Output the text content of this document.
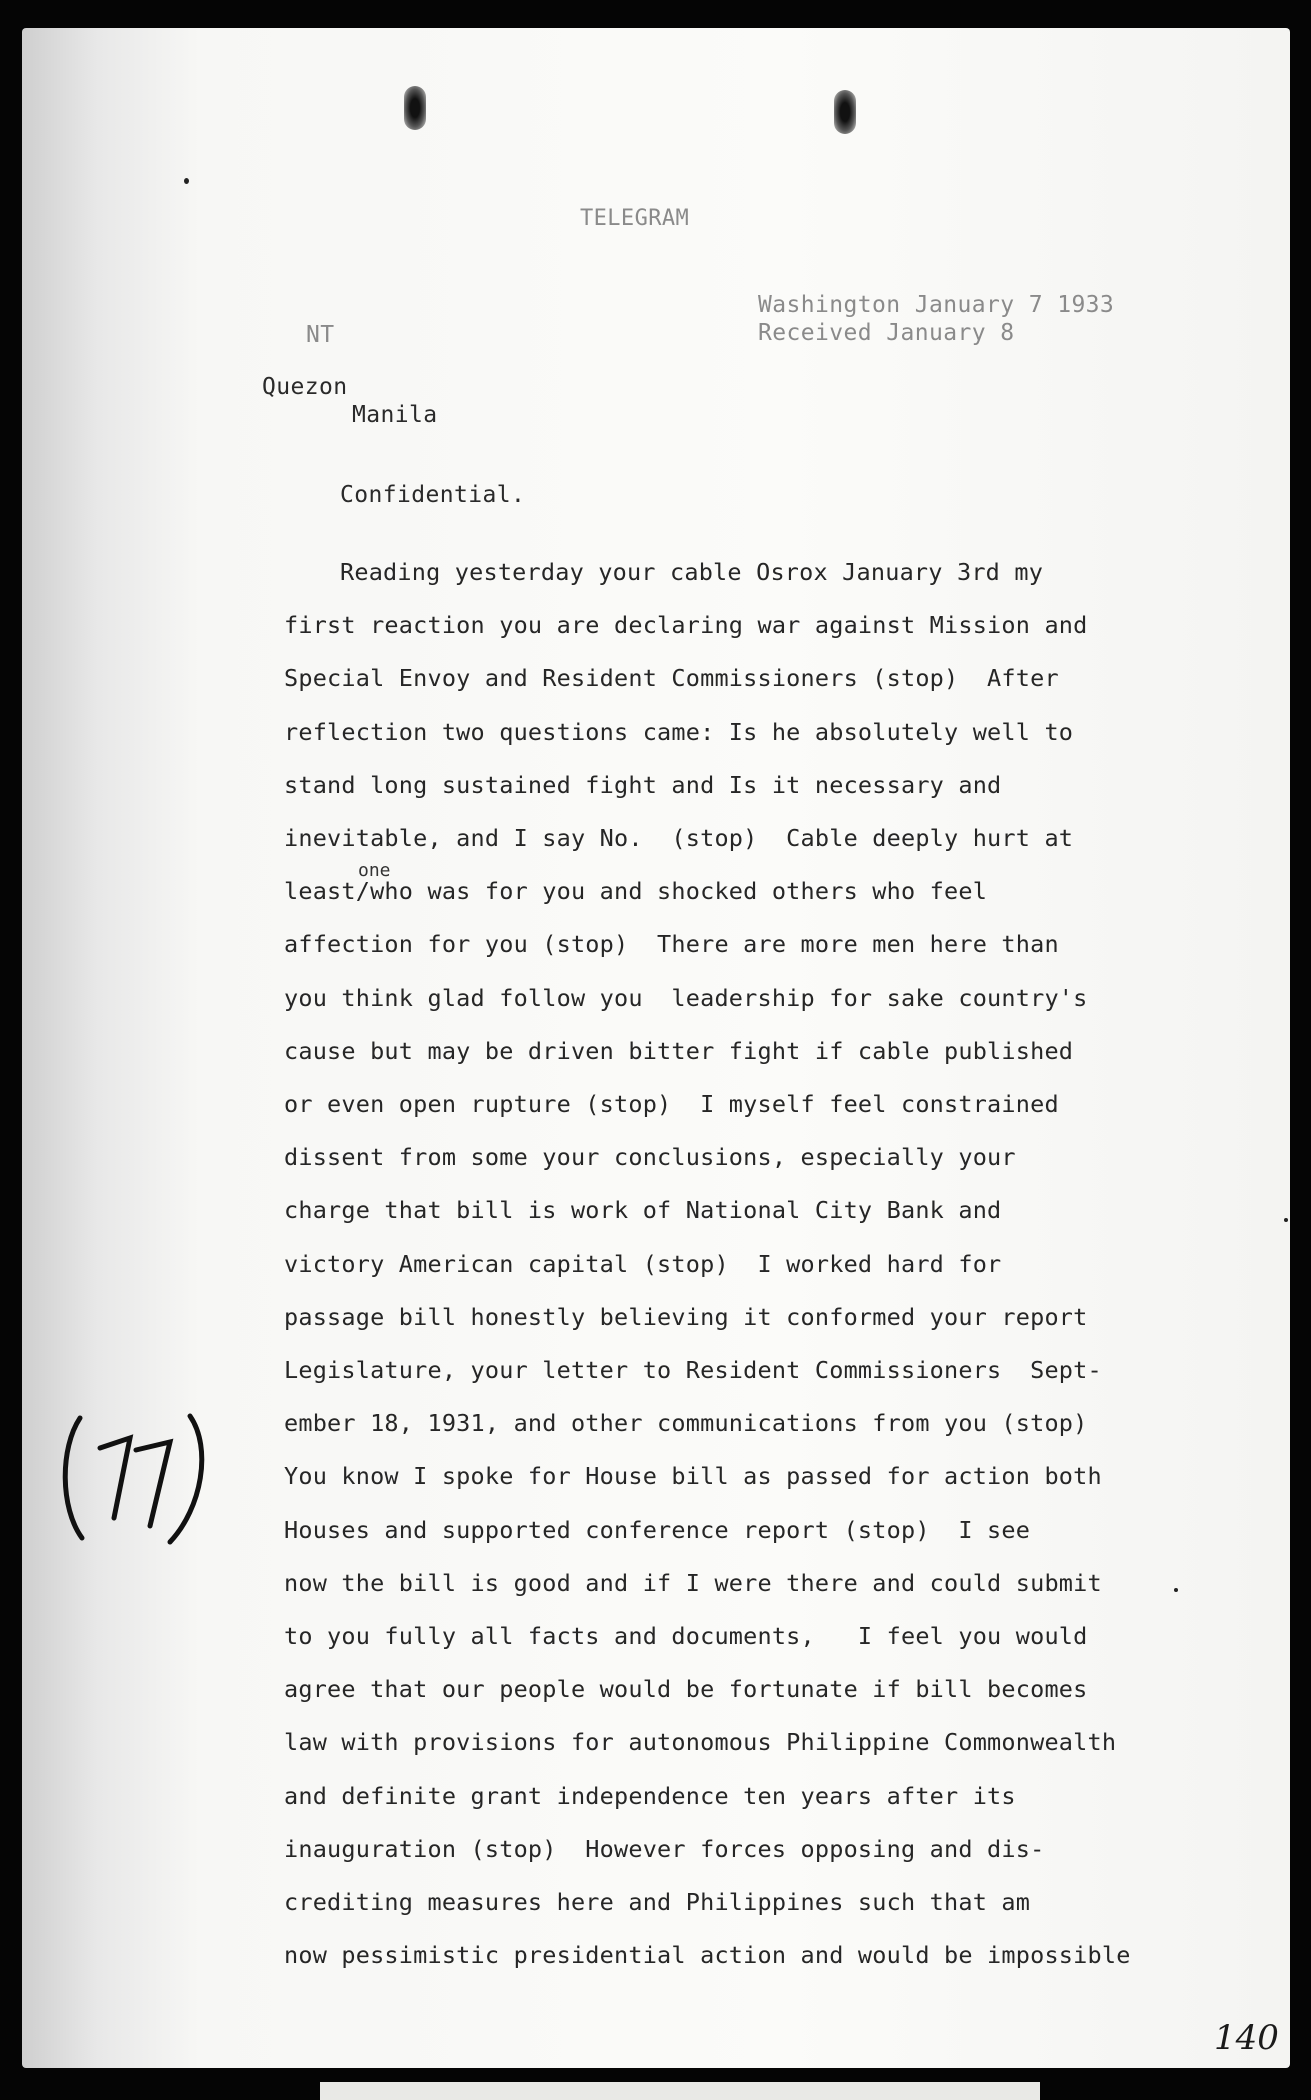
TELEGRAM
Washington January 7 1933
Received January 8
NT
Quezon
Manila
Confidential.
one
Reading yesterday your cable Osrox January 3rd my
first reaction you are declaring war against Mission and
Special Envoy and Resident Commissioners (stop)  After
reflection two questions came: Is he absolutely well to
stand long sustained fight and Is it necessary and
inevitable, and I say No.  (stop)  Cable deeply hurt at
least/who was for you and shocked others who feel
affection for you (stop)  There are more men here than
you think glad follow you  leadership for sake country's
cause but may be driven bitter fight if cable published
or even open rupture (stop)  I myself feel constrained
dissent from some your conclusions, especially your
charge that bill is work of National City Bank and
victory American capital (stop)  I worked hard for
passage bill honestly believing it conformed your report
Legislature, your letter to Resident Commissioners  Sept-
ember 18, 1931, and other communications from you (stop)
You know I spoke for House bill as passed for action both
Houses and supported conference report (stop)  I see
now the bill is good and if I were there and could submit
to you fully all facts and documents,   I feel you would
agree that our people would be fortunate if bill becomes
law with provisions for autonomous Philippine Commonwealth
and definite grant independence ten years after its
inauguration (stop)  However forces opposing and dis-
crediting measures here and Philippines such that am
now pessimistic presidential action and would be impossible
(17)
140
